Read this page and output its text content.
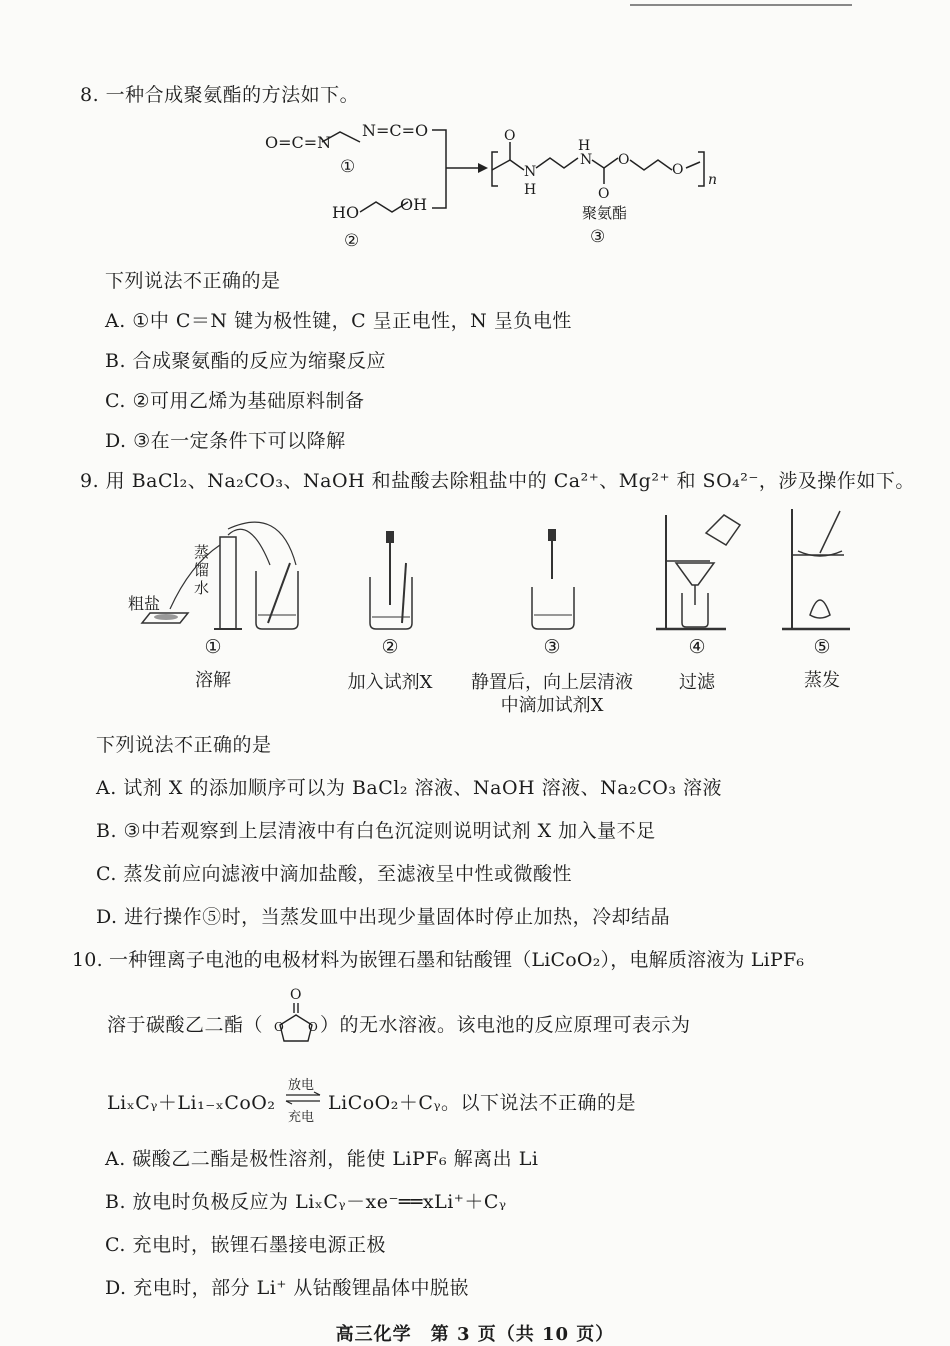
8. 一种合成聚氨酯的方法如下。
O=C=N
N=C=O
①
HO	OH
②
O
N
H
H
N
O
O
O
n
聚氨酯
③
下列说法不正确的是
A. ①中 C＝N 键为极性键，C 呈正电性，N 呈负电性
B. 合成聚氨酯的反应为缩聚反应
C. ②可用乙烯为基础原料制备
D. ③在一定条件下可以降解
9. 用 BaCl₂、Na₂CO₃、NaOH 和盐酸去除粗盐中的 Ca²⁺、Mg²⁺ 和 SO₄²⁻，涉及操作如下。
粗盐
蒸
馏
水
①	②	③	④	⑤
溶解	加入试剂X	静置后，向上层清液
中滴加试剂X
过滤	蒸发
下列说法不正确的是
A. 试剂 X 的添加顺序可以为 BaCl₂ 溶液、NaOH 溶液、Na₂CO₃ 溶液
B. ③中若观察到上层清液中有白色沉淀则说明试剂 X 加入量不足
C. 蒸发前应向滤液中滴加盐酸，至滤液呈中性或微酸性
D. 进行操作⑤时，当蒸发皿中出现少量固体时停止加热，冷却结晶
10. 一种锂离子电池的电极材料为嵌锂石墨和钴酸锂（LiCoO₂），电解质溶液为 LiPF₆
溶于碳酸乙二酯（
O
O O ）的无水溶液。该电池的反应原理可表示为
LiₓCᵧ＋Li₁₋ₓCoO₂
放电
充电
LiCoO₂＋Cᵧ。以下说法不正确的是
A. 碳酸乙二酯是极性溶剂，能使 LiPF₆ 解离出 Li
B. 放电时负极反应为 LiₓCᵧ－xe⁻══xLi⁺＋Cᵧ
C. 充电时，嵌锂石墨接电源正极
D. 充电时，部分 Li⁺ 从钴酸锂晶体中脱嵌
高三化学　第 3 页（共 10 页）
